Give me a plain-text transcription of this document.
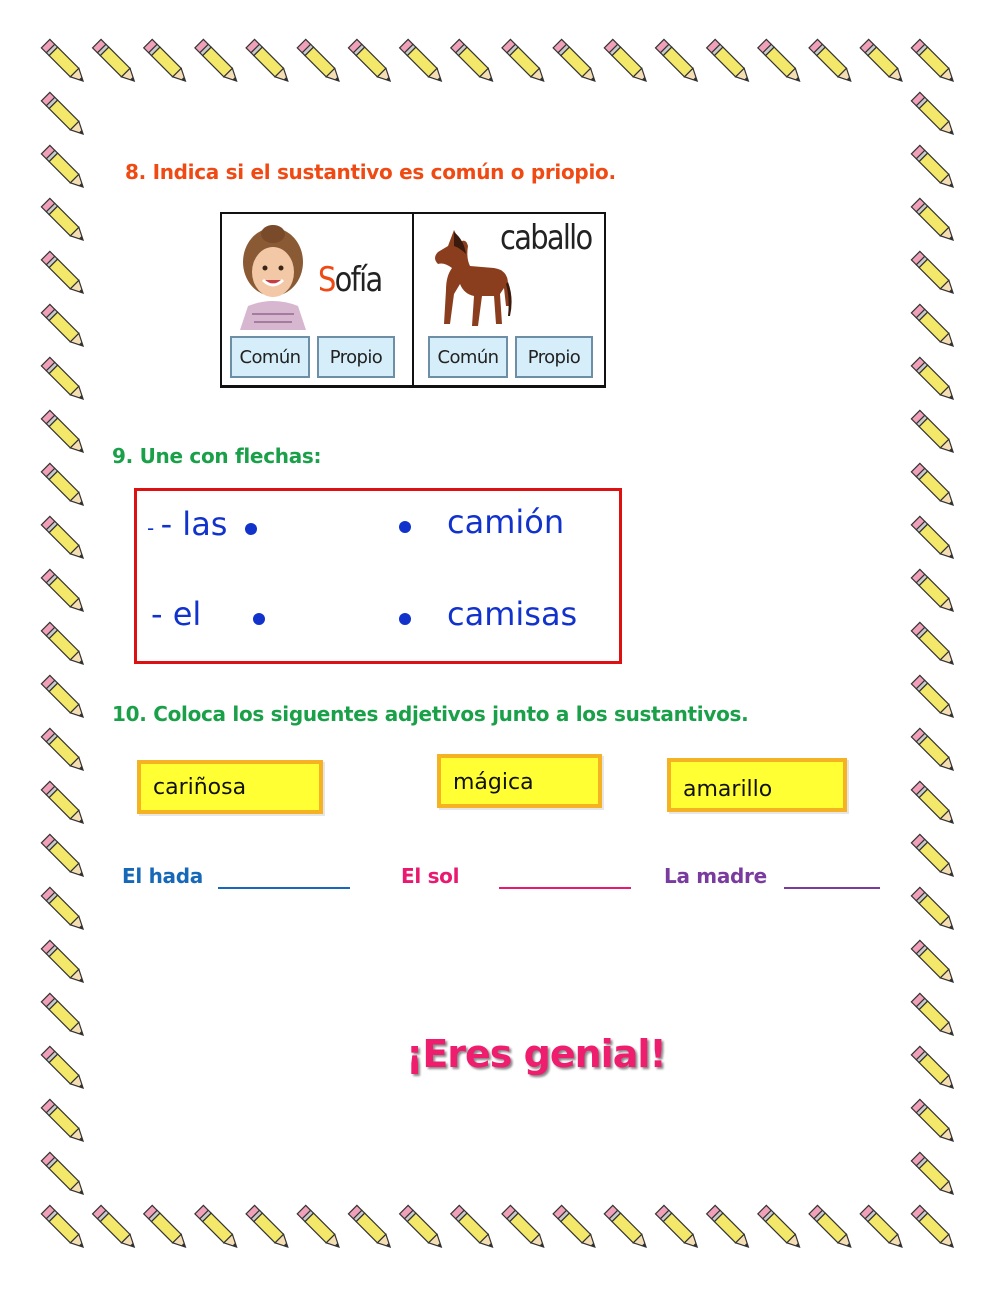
8. Indica si el sustantivo es común o priopio.
Sofía
Común	Propio
caballo
Común	Propio
9. Une con flechas:
- - las	camión
- el	camisas
10. Coloca los siguentes adjetivos junto a los sustantivos.
cariñosa	mágica	amarillo
El hada	El sol	La madre
¡Eres genial!
